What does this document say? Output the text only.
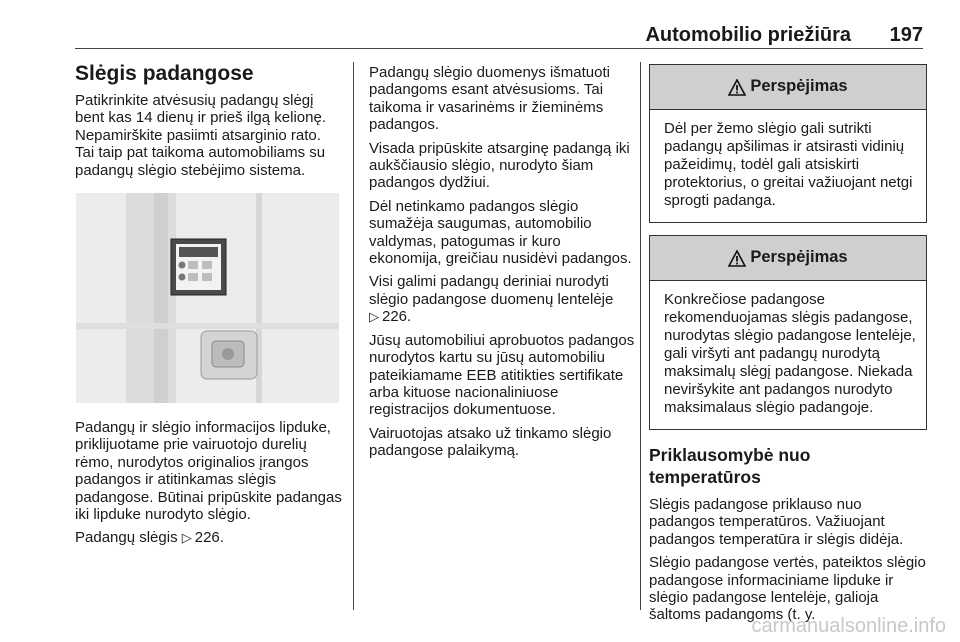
Automobilio priežiūra 197
Slėgis padangose

Patikrinkite atvėsusių padangų slėgį bent kas 14 dienų ir prieš ilgą kelionę. Nepamirškite pasiimti atsarginio rato. Tai taip pat taikoma automobiliams su padangų slėgio stebėjimo sistema.

Padangų ir slėgio informacijos lipduke, priklijuotame prie vairuotojo durelių rėmo, nurodytos originalios įrangos padangos ir atitinkamas slėgis padangose. Būtinai pripūskite padangas iki lipduke nurodyto slėgio.

Padangų slėgis ▷ 226.

Padangų slėgio duomenys išmatuoti padangoms esant atvėsusioms. Tai taikoma ir vasarinėms ir žieminėms padangos.

Visada pripūskite atsarginę padangą iki aukščiausio slėgio, nurodyto šiam padangos dydžiui.

Dėl netinkamo padangos slėgio sumažėja saugumas, automobilio valdymas, patogumas ir kuro ekonomija, greičiau nusidėvi padangos.

Visi galimi padangų deriniai nurodyti slėgio padangose duomenų lentelėje
▷ 226.

Jūsų automobiliui aprobuotos padangos nurodytos kartu su jūsų automobiliu pateikiamame EEB atitikties sertifikate arba kituose nacionaliniuose registracijos dokumentuose.

Vairuotojas atsako už tinkamo slėgio padangose palaikymą.

Perspėjimas
Dėl per žemo slėgio gali sutrikti padangų apšilimas ir atsirasti vidinių pažeidimų, todėl gali atsiskirti protektorius, o greitai važiuojant netgi sprogti padanga.
Perspėjimas
Konkrečiose padangose rekomenduojamas slėgis padangose, nurodytas slėgio padangose lentelėje, gali viršyti ant padangų nurodytą maksimalų slėgį padangose. Niekada neviršykite ant padangos nurodyto maksimalaus slėgio padangoje.
Priklausomybė nuo temperatūros

Slėgis padangose priklauso nuo padangos temperatūros. Važiuojant padangos temperatūra ir slėgis didėja.

Slėgio padangose vertės, pateiktos slėgio padangose informaciniame lipduke ir slėgio padangose lentelėje, galioja šaltoms padangoms (t. y.

carmanualsonline.info
